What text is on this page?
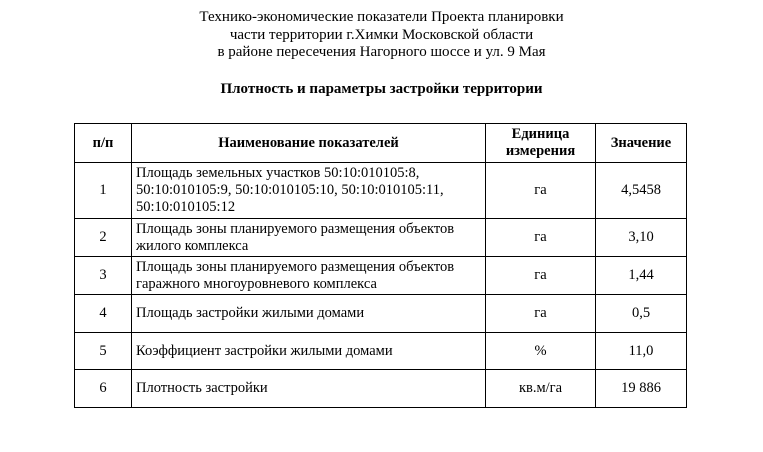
Технико-экономические показатели Проекта планировки
части территории г.Химки Московской области
в районе пересечения Нагорного шоссе и ул. 9 Мая
Плотность и параметры застройки территории
п/п	Наименование показателей	Единица измерения	Значение
1	Площадь земельных участков 50:10:010105:8, 50:10:010105:9, 50:10:010105:10, 50:10:010105:11, 50:10:010105:12	га	4,5458
2	Площадь зоны планируемого размещения объектов жилого комплекса	га	3,10
3	Площадь зоны планируемого размещения объектов гаражного многоуровневого комплекса	га	1,44
4	Площадь застройки жилыми домами	га	0,5
5	Коэффициент застройки жилыми домами	%	11,0
6	Плотность застройки	кв.м/га	19 886
